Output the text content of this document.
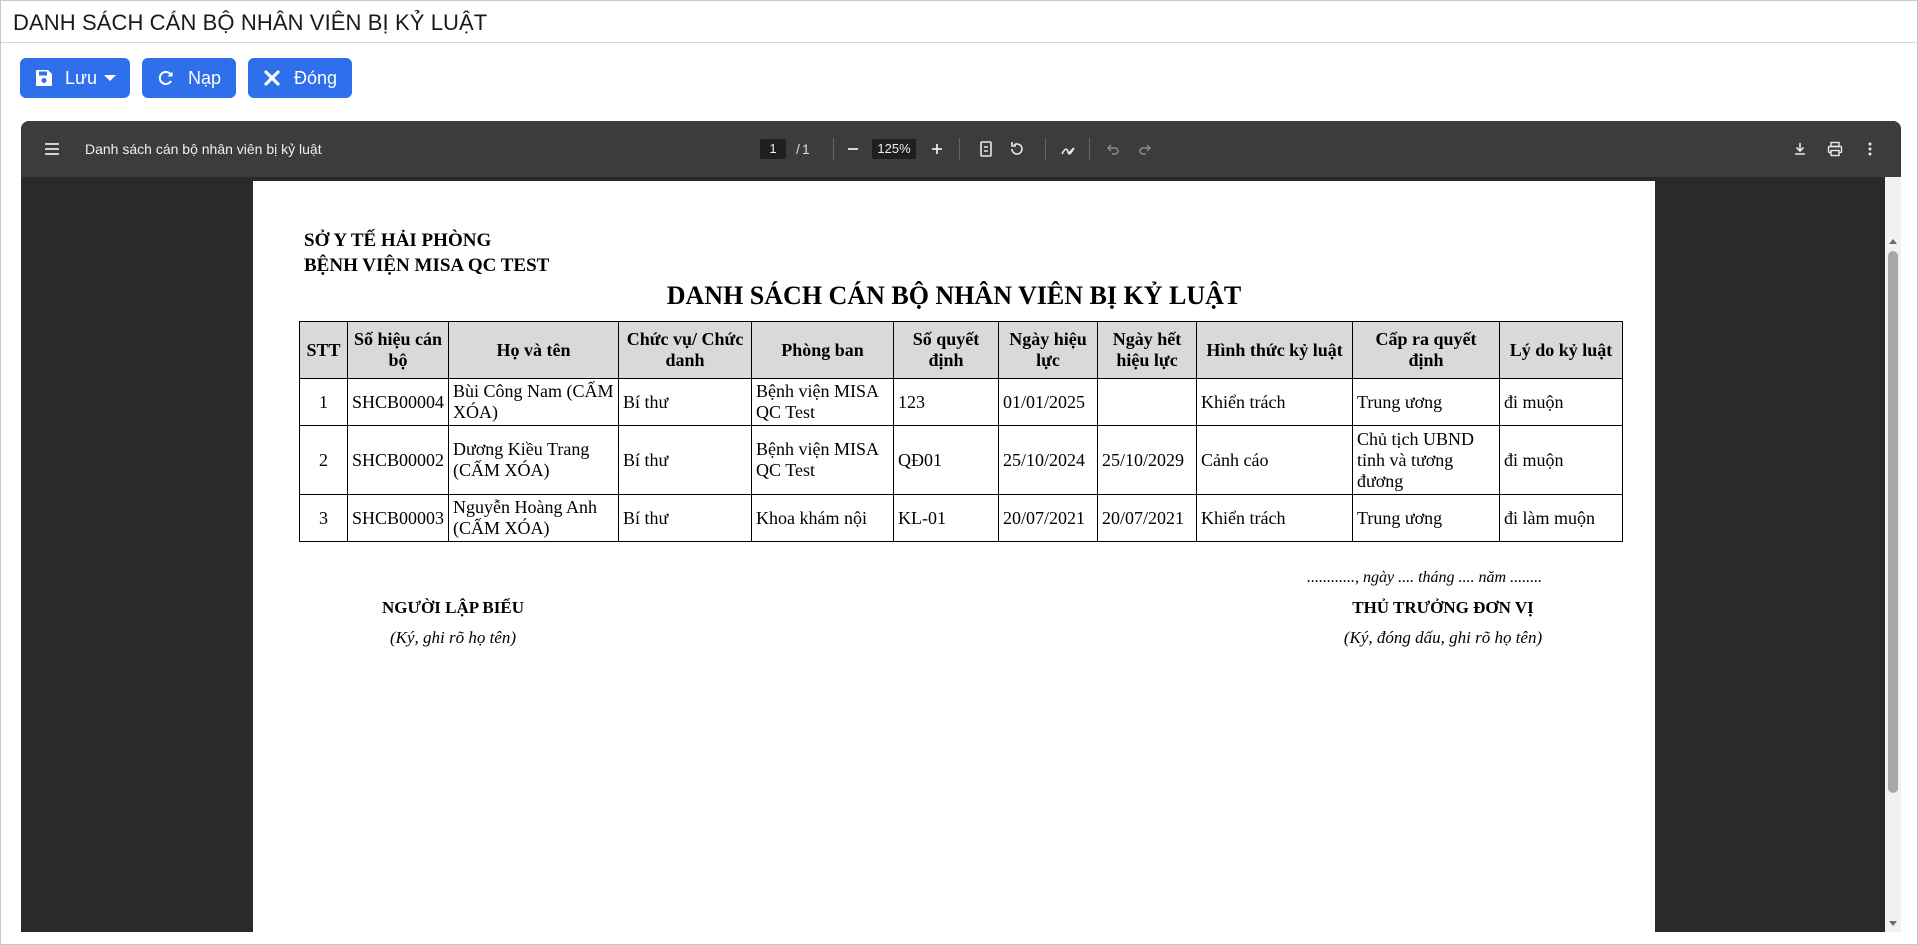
DANH SÁCH CÁN BỘ NHÂN VIÊN BỊ KỶ LUẬT
Lưu	Nạp	Đóng
Danh sách cán bộ nhân viên bị kỷ luật	1	/ 1	125%
SỞ Y TẾ HẢI PHÒNG
BỆNH VIỆN MISA QC TEST
DANH SÁCH CÁN BỘ NHÂN VIÊN BỊ KỶ LUẬT
STT	Số hiệu cán bộ	Họ và tên	Chức vụ/ Chức danh	Phòng ban	Số quyết định	Ngày hiệu lực	Ngày hết hiệu lực	Hình thức kỷ luật	Cấp ra quyết định	Lý do kỷ luật
1	SHCB00004	Bùi Công Nam (CẤM XÓA)	Bí thư	Bệnh viện MISA QC Test	123	01/01/2025		Khiển trách	Trung ương	đi muộn
2	SHCB00002	Dương Kiều Trang (CẤM XÓA)	Bí thư	Bệnh viện MISA QC Test	QĐ01	25/10/2024	25/10/2029	Cảnh cáo	Chủ tịch UBND tỉnh và tương đương	đi muộn
3	SHCB00003	Nguyễn Hoàng Anh (CẤM XÓA)	Bí thư	Khoa khám nội	KL-01	20/07/2021	20/07/2021	Khiển trách	Trung ương	đi làm muộn
............, ngày .... tháng .... năm ........
NGƯỜI LẬP BIỂU
(Ký, ghi rõ họ tên)
THỦ TRƯỞNG ĐƠN VỊ
(Ký, đóng dấu, ghi rõ họ tên)
